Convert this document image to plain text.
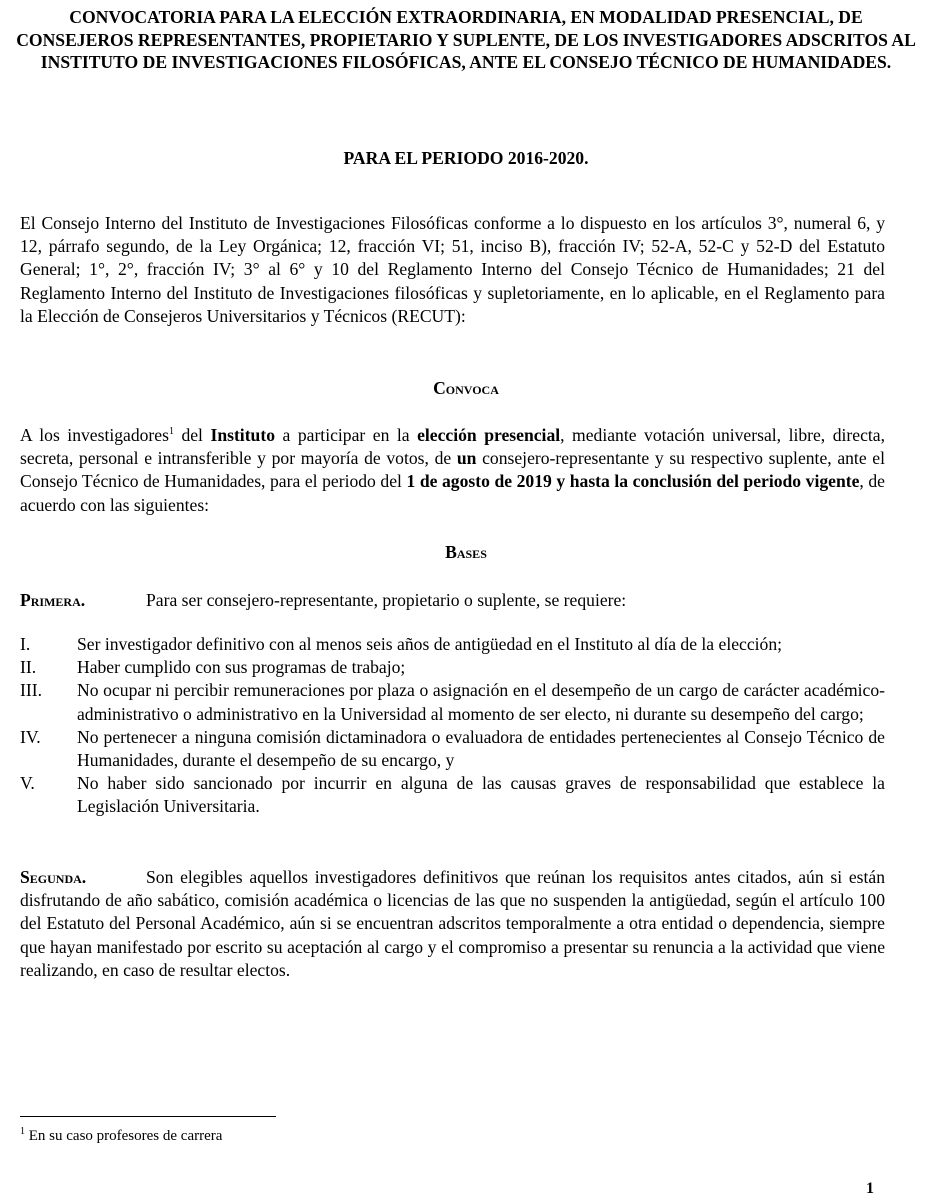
CONVOCATORIA PARA LA ELECCIÓN EXTRAORDINARIA, EN MODALIDAD PRESENCIAL, DE CONSEJEROS REPRESENTANTES, PROPIETARIO Y SUPLENTE, DE LOS INVESTIGADORES ADSCRITOS AL INSTITUTO DE INVESTIGACIONES FILOSÓFICAS, ANTE EL CONSEJO TÉCNICO DE HUMANIDADES.
PARA EL PERIODO 2016-2020.
El Consejo Interno del Instituto de Investigaciones Filosóficas conforme a lo dispuesto en los artículos 3°, numeral 6, y 12, párrafo segundo, de la Ley Orgánica; 12, fracción VI; 51, inciso B), fracción IV; 52-A, 52-C y 52-D del Estatuto General; 1°, 2°, fracción IV; 3° al 6° y 10 del Reglamento Interno del Consejo Técnico de Humanidades; 21 del Reglamento Interno del Instituto de Investigaciones filosóficas y supletoriamente, en lo aplicable, en el Reglamento para la Elección de Consejeros Universitarios y Técnicos (RECUT):
Convoca
A los investigadores$^1$ del Instituto a participar en la elección presencial, mediante votación universal, libre, directa, secreta, personal e intransferible y por mayoría de votos, de un consejero-representante y su respectivo suplente, ante el Consejo Técnico de Humanidades, para el periodo del 1 de agosto de 2019 y hasta la conclusión del periodo vigente, de acuerdo con las siguientes:
Bases
Primera.	Para ser consejero-representante, propietario o suplente, se requiere:
I.	Ser investigador definitivo con al menos seis años de antigüedad en el Instituto al día de la elección;
II.	Haber cumplido con sus programas de trabajo;
III.	No ocupar ni percibir remuneraciones por plaza o asignación en el desempeño de un cargo de carácter académico-administrativo o administrativo en la Universidad al momento de ser electo, ni durante su desempeño del cargo;
IV.	No pertenecer a ninguna comisión dictaminadora o evaluadora de entidades pertenecientes al Consejo Técnico de Humanidades, durante el desempeño de su encargo, y
V.	No haber sido sancionado por incurrir en alguna de las causas graves de responsabilidad que establece la Legislación Universitaria.
Segunda.	Son elegibles aquellos investigadores definitivos que reúnan los requisitos antes citados, aún si están disfrutando de año sabático, comisión académica o licencias de las que no suspenden la antigüedad, según el artículo 100 del Estatuto del Personal Académico, aún si se encuentran adscritos temporalmente a otra entidad o dependencia, siempre que hayan manifestado por escrito su aceptación al cargo y el compromiso a presentar su renuncia a la actividad que viene realizando, en caso de resultar electos.
$^1$ En su caso profesores de carrera
1
